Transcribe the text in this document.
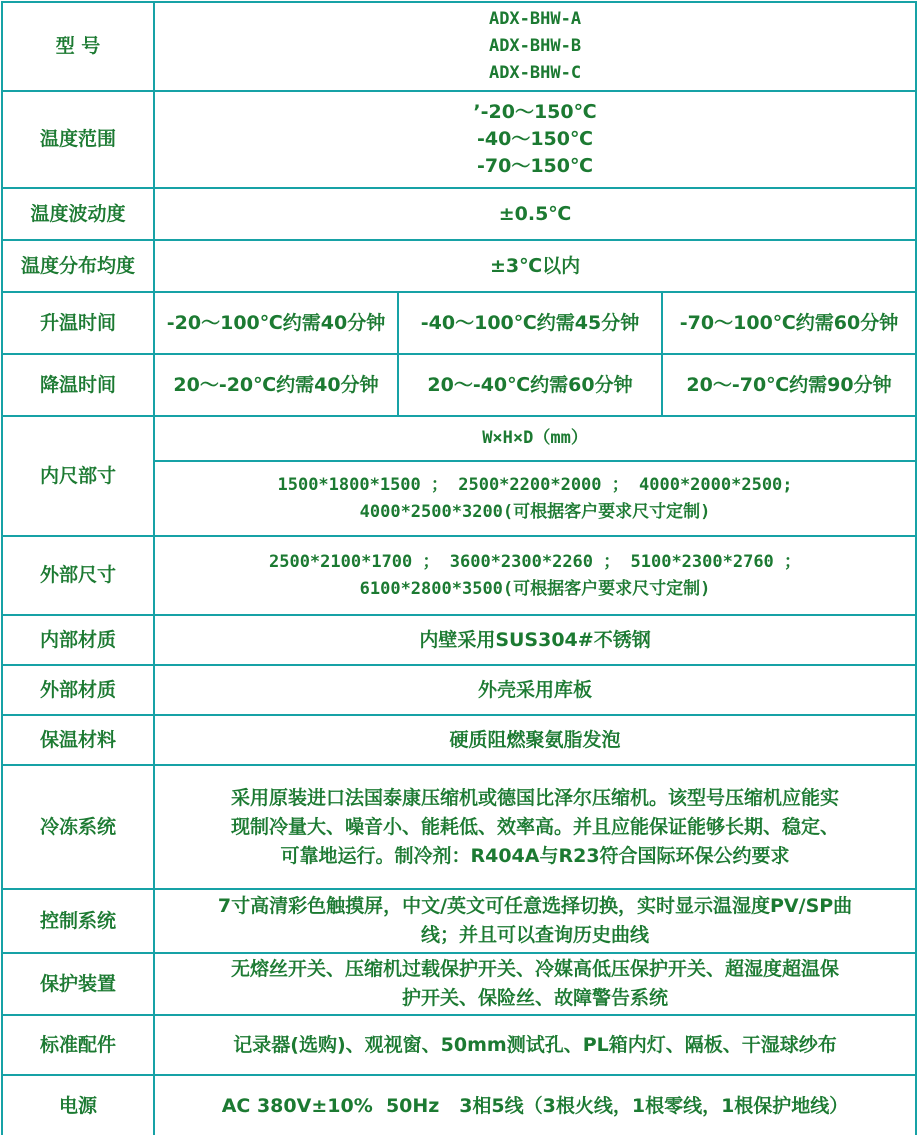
型 号	ADX-BHW-A
ADX-BHW-B
ADX-BHW-C		

温度范围	’-20～150℃
-40～150℃
-70～150℃		

温度波动度	±0.5℃		
温度分布均度	±3℃以内		
升温时间	-20～100℃约需40分钟	-40～100℃约需45分钟	-70～100℃约需60分钟
降温时间	20～-20℃约需40分钟	20～-40℃约需60分钟	20～-70℃约需90分钟
内尺部寸	W×H×D（mm）		

	1500*1800*1500 ； 2500*2200*2000 ； 4000*2000*2500;
4000*2500*3200(可根据客户要求尺寸定制)		

外部尺寸	2500*2100*1700 ； 3600*2300*2260 ； 5100*2300*2760 ；
6100*2800*3500(可根据客户要求尺寸定制)		

内部材质	内壁采用SUS304#不锈钢		
外部材质	外壳采用库板		
保温材料	硬质阻燃聚氨脂发泡		
冷冻系统	采用原装进口法国泰康压缩机或德国比泽尔压缩机。该型号压缩机应能实
现制冷量大、噪音小、能耗低、效率高。并且应能保证能够长期、稳定、
可靠地运行。制冷剂：R404A与R23符合国际环保公约要求		

控制系统	7寸高清彩色触摸屏，中文/英文可任意选择切换，实时显示温湿度PV/SP曲
线；并且可以查询历史曲线		

保护装置	无熔丝开关、压缩机过载保护开关、冷媒高低压保护开关、超湿度超温保
护开关、保险丝、故障警告系统		

标准配件	记录器(选购)、观视窗、50mm测试孔、PL箱内灯、隔板、干湿球纱布		
电源	AC 380V±10%  50Hz   3相5线（3根火线，1根零线，1根保护地线）		
